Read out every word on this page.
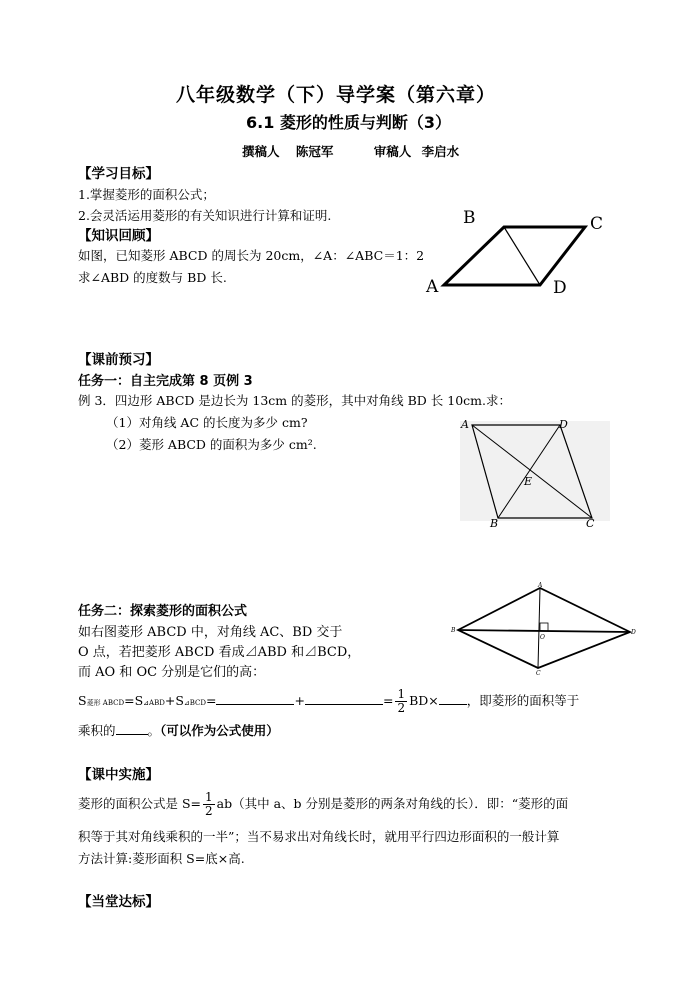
八年级数学（下）导学案（第六章）
6.1 菱形的性质与判断（3）
撰稿人 陈冠军	审稿人 李启水
【学习目标】
1.掌握菱形的面积公式；
2.会灵活运用菱形的有关知识进行计算和证明.
【知识回顾】
如图，已知菱形 ABCD 的周长为 20cm，∠A：∠ABC＝1：2
求∠ABD 的度数与 BD 长.
B	C
A	D
【课前预习】
任务一：自主完成第 8 页例 3
例 3．四边形 ABCD 是边长为 13cm 的菱形，其中对角线 BD 长 10cm.求：
（1）对角线 AC 的长度为多少 cm?
（2）菱形 ABCD 的面积为多少 cm².
A	D
E
B	C
任务二：探索菱形的面积公式
如右图菱形 ABCD 中，对角线 AC、BD 交于
O 点，若把菱形 ABCD 看成⊿ABD 和⊿BCD，
而 AO 和 OC 分别是它们的高：
A
B
O
D
C
S菱形 ABCD=S⊿ABD+S⊿BCD=	+	= $\frac{1}{2} BD\times$ ，即菱形的面积等于
乘积的	。（可以作为公式使用）
【课中实施】
菱形的面积公式是 $S= \frac{1}{2} ab$（其中 a、b 分别是菱形的两条对角线的长）．即：“菱形的面
积等于其对角线乘积的一半”；当不易求出对角线长时，就用平行四边形面积的一般计算
方法计算:菱形面积 S=底×高.
【当堂达标】
